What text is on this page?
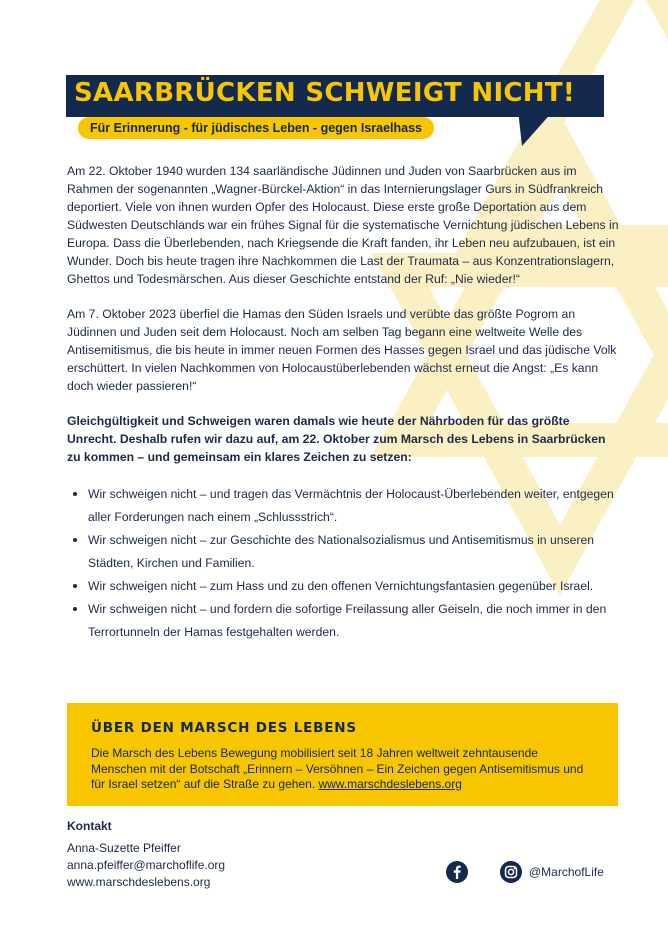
SAARBRÜCKEN SCHWEIGT NICHT!
Für Erinnerung - für jüdisches Leben - gegen Israelhass

Am 22. Oktober 1940 wurden 134 saarländische Jüdinnen und Juden von Saarbrücken aus im Rahmen der sogenannten „Wagner-Bürckel-Aktion“ in das Internierungslager Gurs in Südfrankreich deportiert. Viele von ihnen wurden Opfer des Holocaust. Diese erste große Deportation aus dem Südwesten Deutschlands war ein frühes Signal für die systematische Vernichtung jüdischen Lebens in Europa. Dass die Überlebenden, nach Kriegsende die Kraft fanden, ihr Leben neu aufzubauen, ist ein Wunder. Doch bis heute tragen ihre Nachkommen die Last der Traumata – aus Konzentrationslagern, Ghettos und Todesmärschen. Aus dieser Geschichte entstand der Ruf: „Nie wieder!“

Am 7. Oktober 2023 überfiel die Hamas den Süden Israels und verübte das größte Pogrom an Jüdinnen und Juden seit dem Holocaust. Noch am selben Tag begann eine weltweite Welle des Antisemitismus, die bis heute in immer neuen Formen des Hasses gegen Israel und das jüdische Volk erschüttert. In vielen Nachkommen von Holocaustüberlebenden wächst erneut die Angst: „Es kann doch wieder passieren!“

Gleichgültigkeit und Schweigen waren damals wie heute der Nährboden für das größte Unrecht. Deshalb rufen wir dazu auf, am 22. Oktober zum Marsch des Lebens in Saarbrücken zu kommen – und gemeinsam ein klares Zeichen zu setzen:

Wir schweigen nicht – und tragen das Vermächtnis der Holocaust-Überlebenden weiter, entgegen aller Forderungen nach einem „Schlussstrich“.
Wir schweigen nicht – zur Geschichte des Nationalsozialismus und Antisemitismus in unseren Städten, Kirchen und Familien.
Wir schweigen nicht – zum Hass und zu den offenen Vernichtungsfantasien gegenüber Israel.
Wir schweigen nicht – und fordern die sofortige Freilassung aller Geiseln, die noch immer in den Terrortunneln der Hamas festgehalten werden.
ÜBER DEN MARSCH DES LEBENS
Die Marsch des Lebens Bewegung mobilisiert seit 18 Jahren weltweit zehntausende Menschen mit der Botschaft „Erinnern – Versöhnen – Ein Zeichen gegen Antisemitismus und für Israel setzen“ auf die Straße zu gehen. www.marschdeslebens.org
Kontakt
Anna-Suzette Pfeiffer
anna.pfeiffer@marchoflife.org
www.marschdeslebens.org
@MarchofLife
